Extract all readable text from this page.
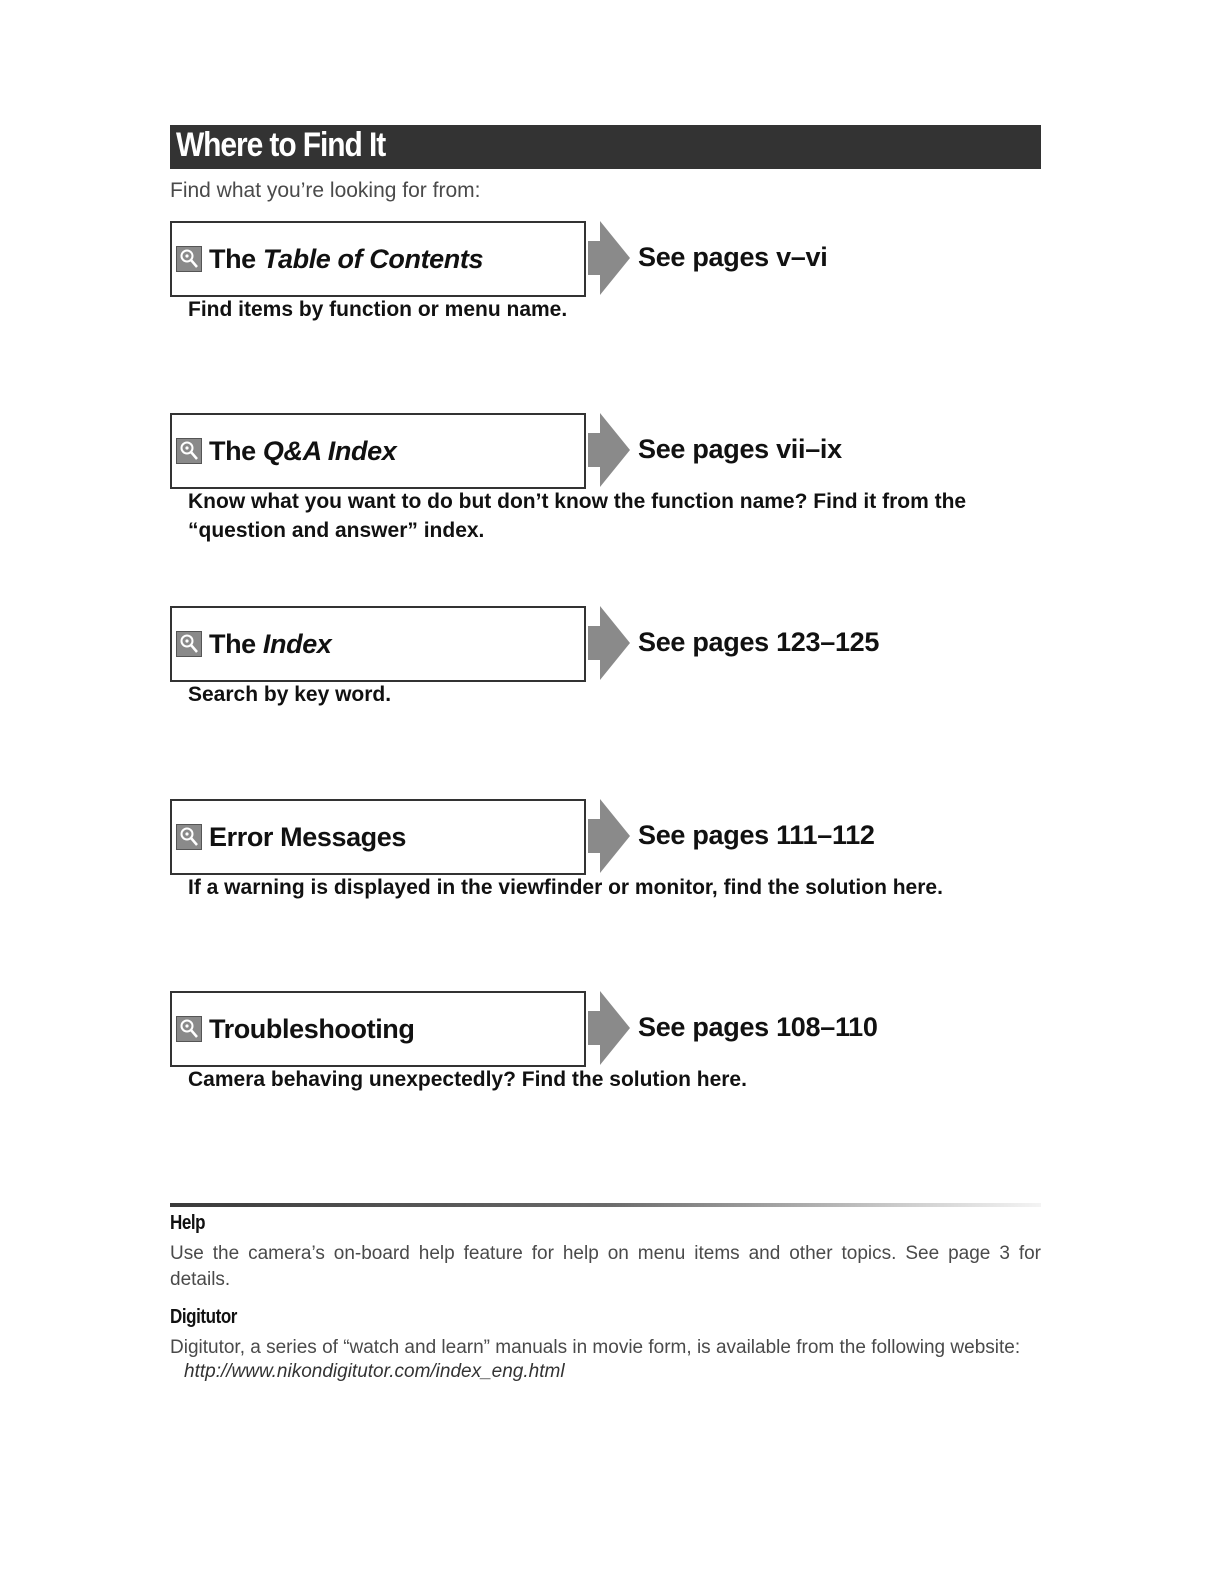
Where to Find It

Find what you’re looking for from:

The Table of Contents	See pages v–vi

Find items by function or menu name.

The Q&A Index	See pages vii–ix

Know what you want to do but don’t know the function name? Find it from the “question and answer” index.

The Index	See pages 123–125

Search by key word.

Error Messages	See pages 111–112

If a warning is displayed in the viewfinder or monitor, find the solution here.

Troubleshooting	See pages 108–110

Camera behaving unexpectedly? Find the solution here.

Help

Use the camera’s on-board help feature for help on menu items and other topics. See page 3 for details.

Digitutor

Digitutor, a series of “watch and learn” manuals in movie form, is available from the following website:

http://www.nikondigitutor.com/index_eng.html
